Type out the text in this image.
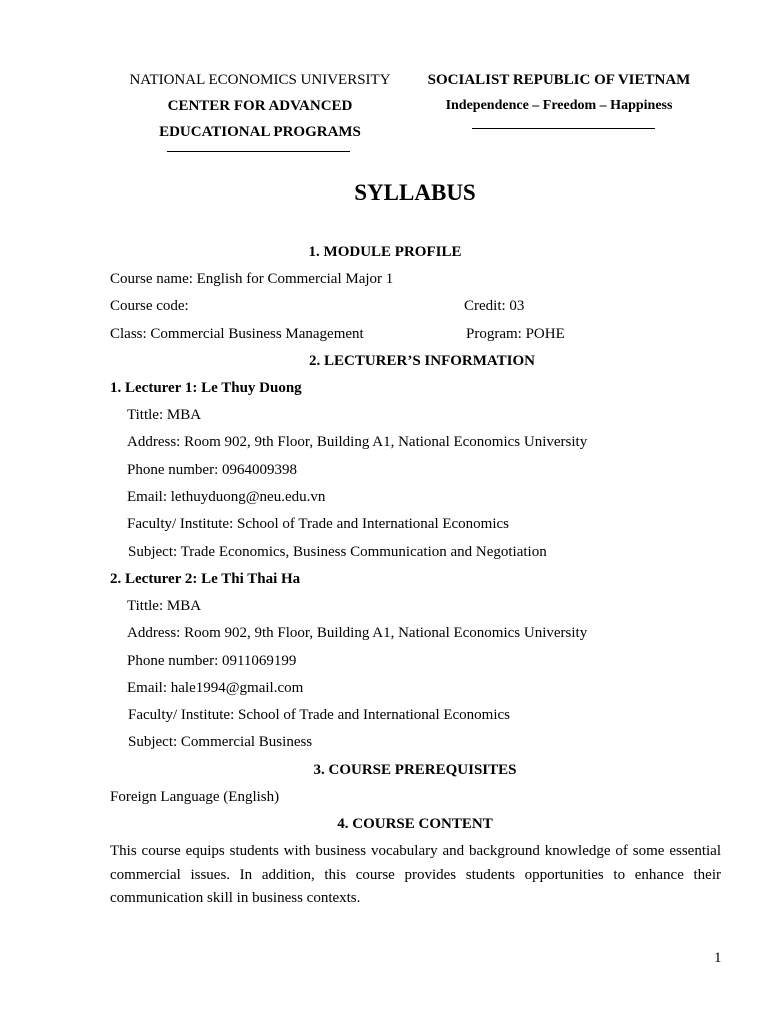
NATIONAL ECONOMICS UNIVERSITY
CENTER FOR ADVANCED
EDUCATIONAL PROGRAMS
SOCIALIST REPUBLIC OF VIETNAM
Independence – Freedom – Happiness
SYLLABUS
1. MODULE PROFILE
Course name: English for Commercial Major 1
Course code:	Credit: 03
Class: Commercial Business Management	Program: POHE
2. LECTURER’S INFORMATION
1. Lecturer 1: Le Thuy Duong
Tittle: MBA
Address: Room 902, 9th Floor, Building A1, National Economics University
Phone number: 0964009398
Email: lethuyduong@neu.edu.vn
Faculty/ Institute: School of Trade and International Economics
Subject: Trade Economics, Business Communication and Negotiation
2. Lecturer 2: Le Thi Thai Ha
Tittle: MBA
Address: Room 902, 9th Floor, Building A1, National Economics University
Phone number: 0911069199
Email: hale1994@gmail.com
Faculty/ Institute: School of Trade and International Economics
Subject: Commercial Business
3. COURSE PREREQUISITES
Foreign Language (English)
4. COURSE CONTENT
This course equips students with business vocabulary and background knowledge of some essential commercial issues. In addition, this course provides students opportunities to enhance their communication skill in business contexts.
1
